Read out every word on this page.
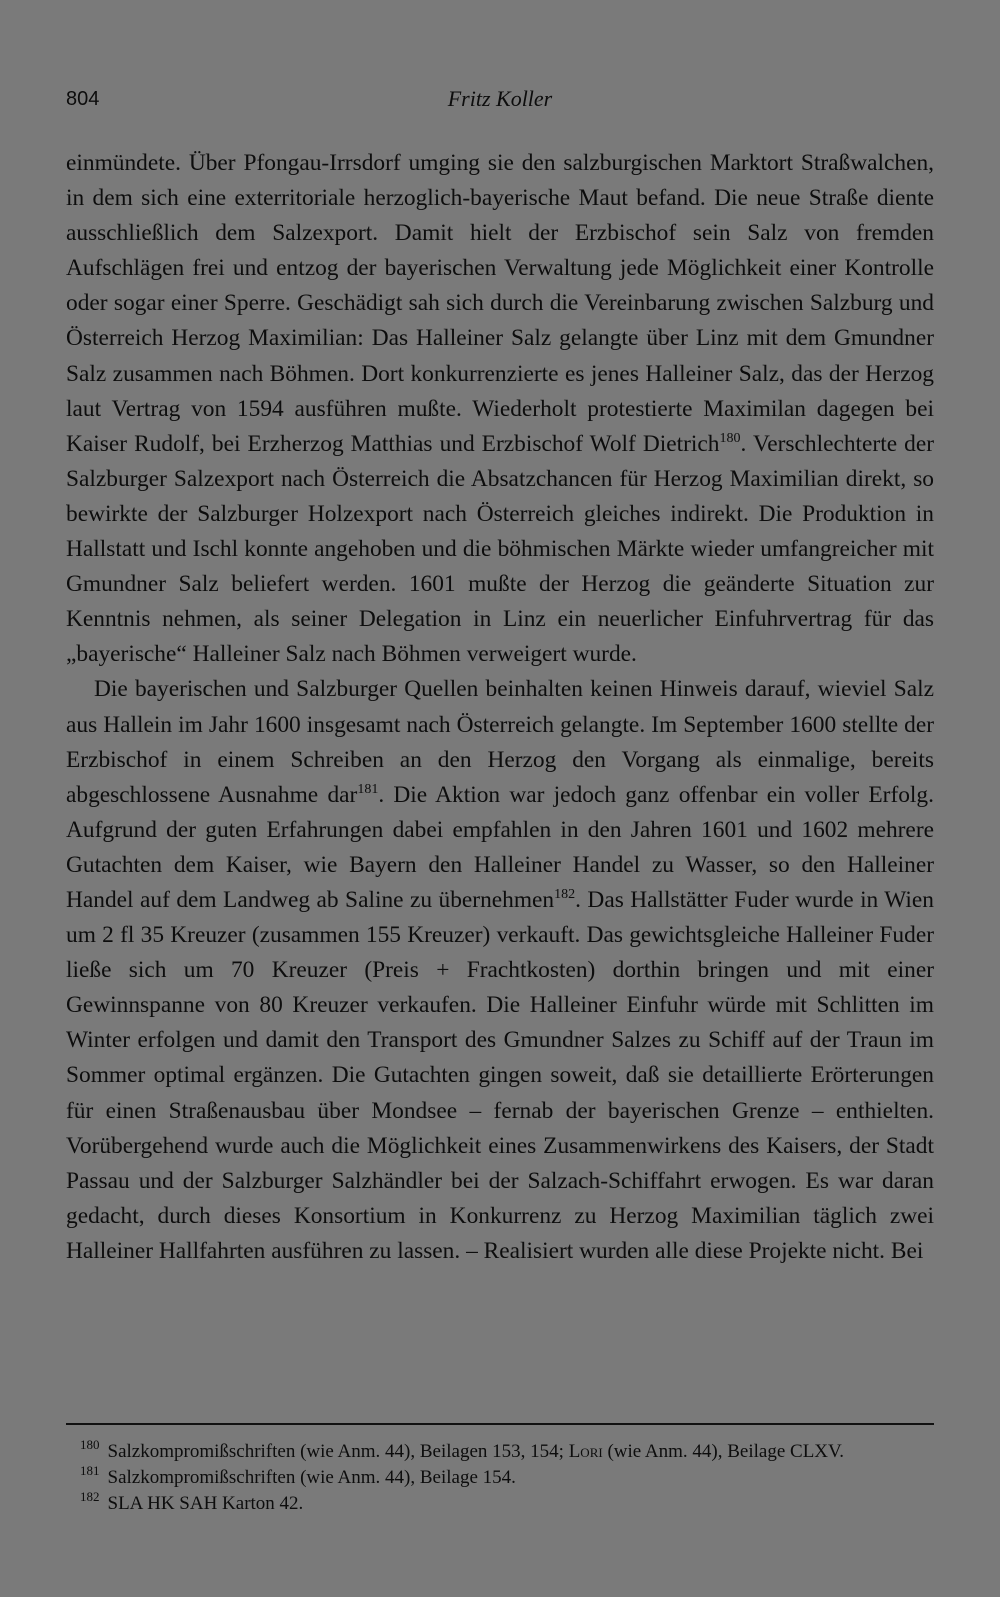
804	Fritz Koller

einmündete. Über Pfongau-Irrsdorf umging sie den salzburgischen Marktort Straßwalchen, in dem sich eine exterritoriale herzoglich-bayerische Maut befand. Die neue Straße diente ausschließlich dem Salzexport. Damit hielt der Erzbischof sein Salz von fremden Aufschlägen frei und entzog der bayerischen Verwaltung jede Möglichkeit einer Kontrolle oder sogar einer Sperre. Geschädigt sah sich durch die Vereinbarung zwischen Salzburg und Österreich Herzog Maximilian: Das Halleiner Salz gelangte über Linz mit dem Gmundner Salz zusammen nach Böhmen. Dort konkurrenzierte es jenes Halleiner Salz, das der Herzog laut Vertrag von 1594 ausführen mußte. Wiederholt protestierte Maximilan dagegen bei Kaiser Rudolf, bei Erzherzog Matthias und Erzbischof Wolf Dietrich$^{180}$. Verschlechterte der Salzburger Salzexport nach Österreich die Absatzchancen für Herzog Maximilian direkt, so bewirkte der Salzburger Holzexport nach Österreich gleiches indirekt. Die Produktion in Hallstatt und Ischl konnte angehoben und die böhmischen Märkte wieder umfangreicher mit Gmundner Salz beliefert werden. 1601 mußte der Herzog die geänderte Situation zur Kenntnis nehmen, als seiner Delegation in Linz ein neuerlicher Einfuhrvertrag für das „bayerische“ Halleiner Salz nach Böhmen verweigert wurde.

Die bayerischen und Salzburger Quellen beinhalten keinen Hinweis darauf, wieviel Salz aus Hallein im Jahr 1600 insgesamt nach Österreich gelangte. Im September 1600 stellte der Erzbischof in einem Schreiben an den Herzog den Vorgang als einmalige, bereits abgeschlossene Ausnahme dar$^{181}$. Die Aktion war jedoch ganz offenbar ein voller Erfolg. Aufgrund der guten Erfahrungen dabei empfahlen in den Jahren 1601 und 1602 mehrere Gutachten dem Kaiser, wie Bayern den Halleiner Handel zu Wasser, so den Halleiner Handel auf dem Landweg ab Saline zu übernehmen$^{182}$. Das Hallstätter Fuder wurde in Wien um 2 fl 35 Kreuzer (zusammen 155 Kreuzer) verkauft. Das gewichtsgleiche Halleiner Fuder ließe sich um 70 Kreuzer (Preis + Frachtkosten) dorthin bringen und mit einer Gewinnspanne von 80 Kreuzer verkaufen. Die Halleiner Einfuhr würde mit Schlitten im Winter erfolgen und damit den Transport des Gmundner Salzes zu Schiff auf der Traun im Sommer optimal ergänzen. Die Gutachten gingen soweit, daß sie detaillierte Erörterungen für einen Straßenausbau über Mondsee – fernab der bayerischen Grenze – enthielten. Vorübergehend wurde auch die Möglichkeit eines Zusammenwirkens des Kaisers, der Stadt Passau und der Salzburger Salzhändler bei der Salzach-Schiffahrt erwogen. Es war daran gedacht, durch dieses Konsortium in Konkurrenz zu Herzog Maximilian täglich zwei Halleiner Hallfahrten ausführen zu lassen. – Realisiert wurden alle diese Projekte nicht. Bei

$^{180}$ Salzkompromißschriften (wie Anm. 44), Beilagen 153, 154; Lori (wie Anm. 44), Beilage CLXV.

$^{181}$ Salzkompromißschriften (wie Anm. 44), Beilage 154.

$^{182}$ SLA HK SAH Karton 42.
